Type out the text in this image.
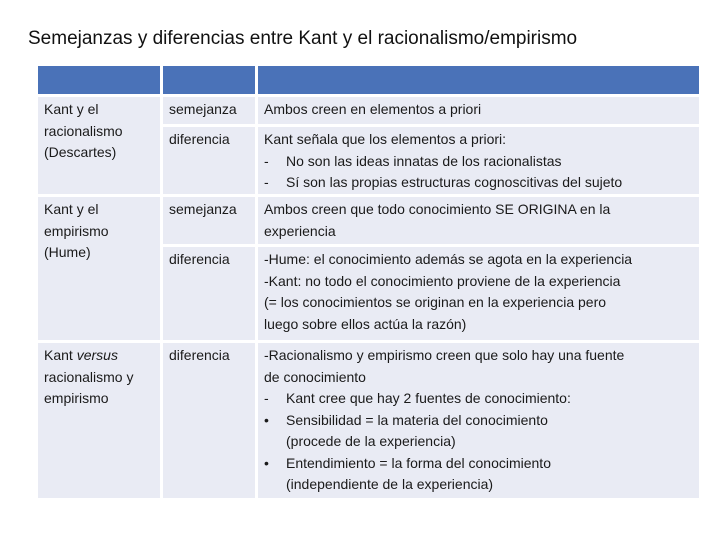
Semejanzas y diferencias entre Kant y el racionalismo/empirismo
Kant y el
racionalismo
(Descartes)
semejanza	Ambos creen en elementos a priori
diferencia	Kant señala que los elementos a priori:
- No son las ideas innatas de los racionalistas
- Sí son las propias estructuras cognoscitivas del sujeto
Kant y el
empirismo
(Hume)
semejanza	Ambos creen que todo conocimiento SE ORIGINA en la
experiencia
diferencia	-Hume: el conocimiento además se agota en la experiencia
-Kant: no todo el conocimiento proviene de la experiencia
(= los conocimientos se originan en la experiencia pero
luego sobre ellos actúa la razón)
Kant versus
racionalismo y
empirismo
diferencia	-Racionalismo y empirismo creen que solo hay una fuente
de conocimiento
- Kant cree que hay 2 fuentes de conocimiento:
• Sensibilidad = la materia del conocimiento
(procede de la experiencia)
• Entendimiento = la forma del conocimiento
(independiente de la experiencia)
